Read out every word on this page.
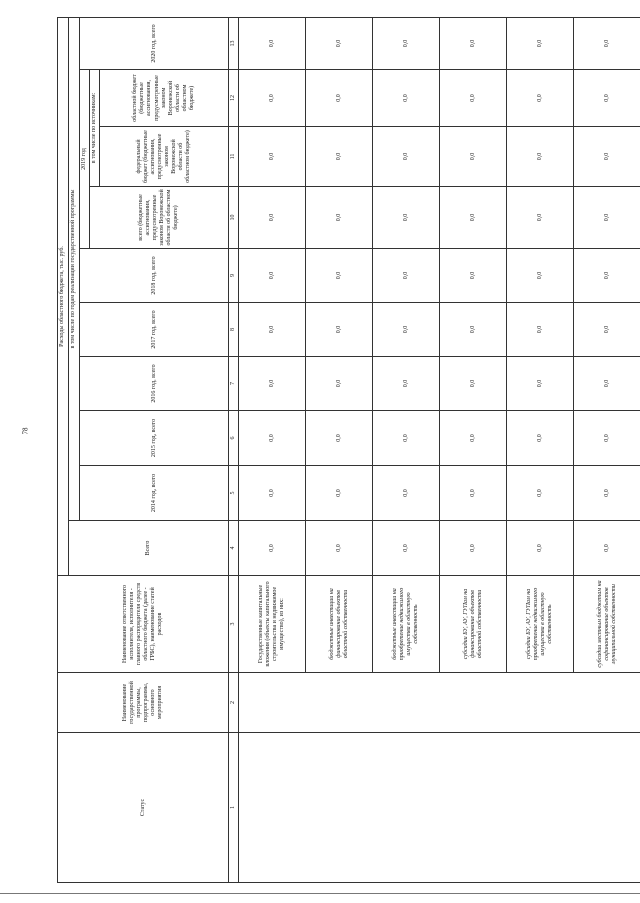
78
Статус	Наименование государственной программы, подпрограммы, основного мероприятия	Наименование ответственного исполнителя, исполнителя - главного распорядителя средств областного бюджета (далее - ГРБС), наименование статей расходов	Расходы областного бюджета, тыс. руб.									
			Всего	в том числе по годам реализации государственной программы								
				2014 год, всего	2015 год, всего	2016 год, всего	2017 год, всего	2018 год, всего	2019 год			2020 год, всего
									всего (бюджетные ассигнования, предусмотренные законом Воронежской области об областном бюджете)	в том числе по источникам:		
										федеральный бюджет (бюджетные ассигнования, предусмотренные законом Воронежской области об областном бюджете)	областной бюджет (бюджетные ассигнования, предусмотренные законом Воронежской области об областном бюджете)	
1	2	3	4	5	6	7	8	9	10	11	12	13
		Государственные капитальные вложения (объекты капитального строительства и недвижимое имущество), из них:	0,0	0,0	0,0	0,0	0,0	0,0	0,0	0,0	0,0	0,0
		бюджетные инвестиции на финансирование объектов областной собственности	0,0	0,0	0,0	0,0	0,0	0,0	0,0	0,0	0,0	0,0
		бюджетные инвестиции на приобретение недвижимого имущества в областную собственность	0,0	0,0	0,0	0,0	0,0	0,0	0,0	0,0	0,0	0,0
		субсидии БУ, АУ, ГУПам на финансирование объектов областной собственности	0,0	0,0	0,0	0,0	0,0	0,0	0,0	0,0	0,0	0,0
		субсидии БУ, АУ, ГУПам на приобретение недвижимого имущества в областную собственность	0,0	0,0	0,0	0,0	0,0	0,0	0,0	0,0	0,0	0,0
		субсидии местным бюджетам на софинансирование объектов муниципальной собственности	0,0	0,0	0,0	0,0	0,0	0,0	0,0	0,0	0,0	0,0
